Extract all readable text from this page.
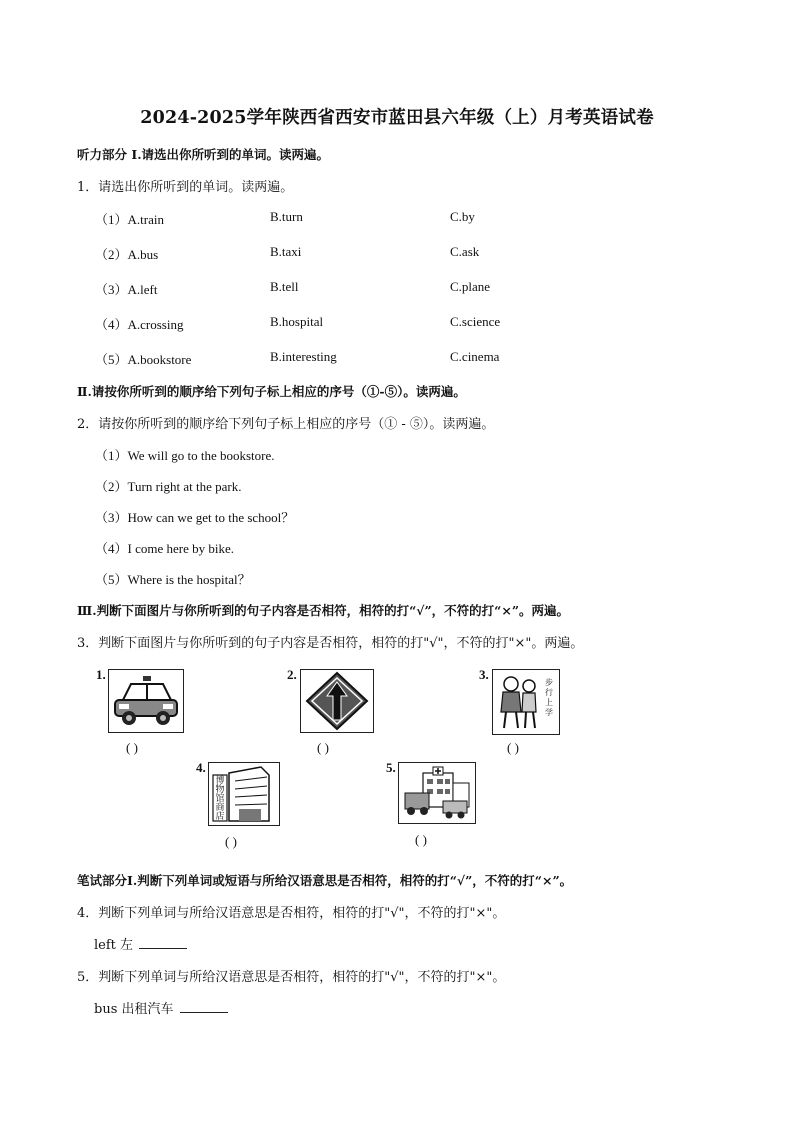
2024-2025学年陕西省西安市蓝田县六年级（上）月考英语试卷
听力部分 I.请选出你所听到的单词。读两遍。
1．请选出你所听到的单词。读两遍。
（1）A.train	B.turn	C.by
（2）A.bus	B.taxi	C.ask
（3）A.left	B.tell	C.plane
（4）A.crossing	B.hospital	C.science
（5）A.bookstore	B.interesting	C.cinema
Ⅱ.请按你所听到的顺序给下列句子标上相应的序号（①-⑤）。读两遍。
2．请按你所听到的顺序给下列句子标上相应的序号（① - ⑤）。读两遍。
（1）We will go to the bookstore.
（2）Turn right at the park.
（3）How can we get to the school？
（4）I come here by bike.
（5）Where is the hospital？
Ⅲ.判断下面图片与你所听到的句子内容是否相符，相符的打“√”，不符的打“×”。两遍。
3．判断下面图片与你所听到的句子内容是否相符，相符的打"√"，不符的打"×"。两遍。
1.
( )
2.
( )
3.
步行上学
( )
4.
博物馆商店
( )
5.
( )
笔试部分Ⅰ.判断下列单词或短语与所给汉语意思是否相符，相符的打“√”，不符的打“×”。
4．判断下列单词与所给汉语意思是否相符，相符的打"√"，不符的打"×"。
left 左
5．判断下列单词与所给汉语意思是否相符，相符的打"√"，不符的打"×"。
bus 出租汽车
